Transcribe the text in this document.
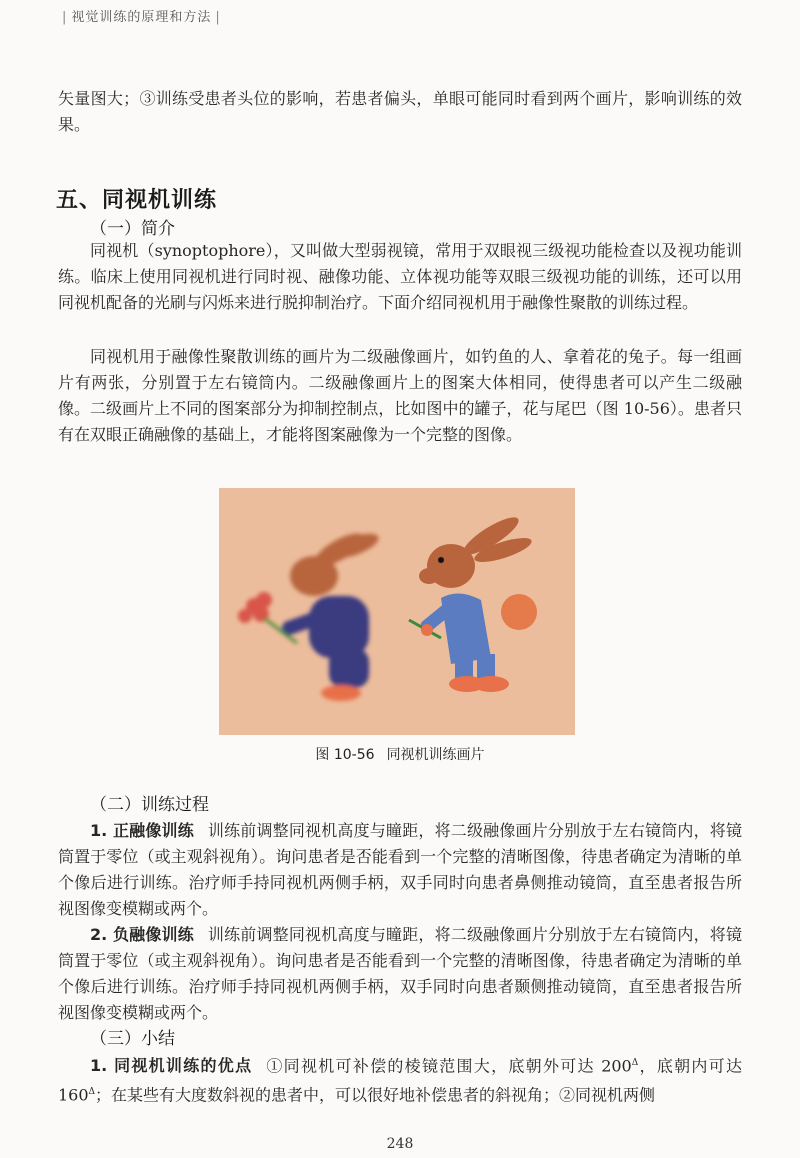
| 视觉训练的原理和方法 |

矢量图大；③训练受患者头位的影响，若患者偏头，单眼可能同时看到两个画片，影响训练的效果。

五、同视机训练
（一）简介

同视机（synoptophore），又叫做大型弱视镜，常用于双眼视三级视功能检查以及视功能训练。临床上使用同视机进行同时视、融像功能、立体视功能等双眼三级视功能的训练，还可以用同视机配备的光刷与闪烁来进行脱抑制治疗。下面介绍同视机用于融像性聚散的训练过程。

同视机用于融像性聚散训练的画片为二级融像画片，如钓鱼的人、拿着花的兔子。每一组画片有两张，分别置于左右镜筒内。二级融像画片上的图案大体相同，使得患者可以产生二级融像。二级画片上不同的图案部分为抑制控制点，比如图中的罐子，花与尾巴（图 10-56）。患者只有在双眼正确融像的基础上，才能将图案融像为一个完整的图像。

图 10-56 同视机训练画片
（二）训练过程

1. 正融像训练 训练前调整同视机高度与瞳距，将二级融像画片分别放于左右镜筒内，将镜筒置于零位（或主观斜视角）。询问患者是否能看到一个完整的清晰图像，待患者确定为清晰的单个像后进行训练。治疗师手持同视机两侧手柄，双手同时向患者鼻侧推动镜筒，直至患者报告所视图像变模糊或两个。

2. 负融像训练 训练前调整同视机高度与瞳距，将二级融像画片分别放于左右镜筒内，将镜筒置于零位（或主观斜视角）。询问患者是否能看到一个完整的清晰图像，待患者确定为清晰的单个像后进行训练。治疗师手持同视机两侧手柄，双手同时向患者颞侧推动镜筒，直至患者报告所视图像变模糊或两个。

（三）小结

1. 同视机训练的优点 ①同视机可补偿的棱镜范围大，底朝外可达 $200^\Delta$，底朝内可达 $160^\Delta$；在某些有大度数斜视的患者中，可以很好地补偿患者的斜视角；②同视机两侧

248
